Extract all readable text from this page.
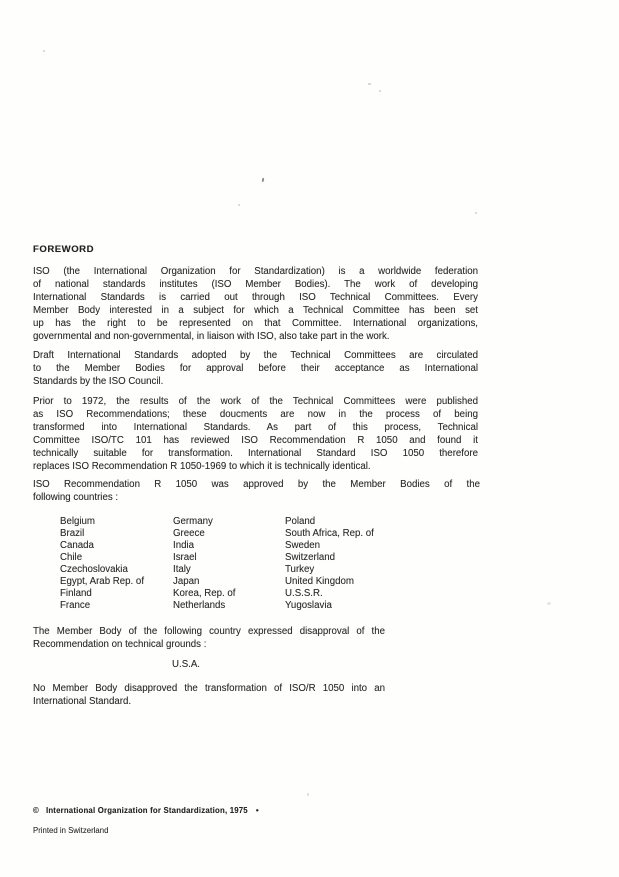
FOREWORD
ISO (the International Organization for Standardization) is a worldwide federation
of national standards institutes (ISO Member Bodies). The work of developing
International Standards is carried out through ISO Technical Committees. Every
Member Body interested in a subject for which a Technical Committee has been set
up has the right to be represented on that Committee. International organizations,
governmental and non-governmental, in liaison with ISO, also take part in the work.
Draft International Standards adopted by the Technical Committees are circulated
to the Member Bodies for approval before their acceptance as International
Standards by the ISO Council.
Prior to 1972, the results of the work of the Technical Committees were published
as ISO Recommendations; these doucments are now in the process of being
transformed into International Standards. As part of this process, Technical
Committee ISO/TC 101 has reviewed ISO Recommendation R 1050 and found it
technically suitable for transformation. International Standard ISO 1050 therefore
replaces ISO Recommendation R 1050-1969 to which it is technically identical.
ISO Recommendation R 1050 was approved by the Member Bodies of the
following countries :
Belgium
Brazil
Canada
Chile
Czechoslovakia
Egypt, Arab Rep. of
Finland
France
Germany
Greece
India
Israel
Italy
Japan
Korea, Rep. of
Netherlands
Poland
South Africa, Rep. of
Sweden
Switzerland
Turkey
United Kingdom
U.S.S.R.
Yugoslavia
The Member Body of the following country expressed disapproval of the
Recommendation on technical grounds :
U.S.A.
No Member Body disapproved the transformation of ISO/R 1050 into an
International Standard.
© International Organization for Standardization, 1975 •
Printed in Switzerland
